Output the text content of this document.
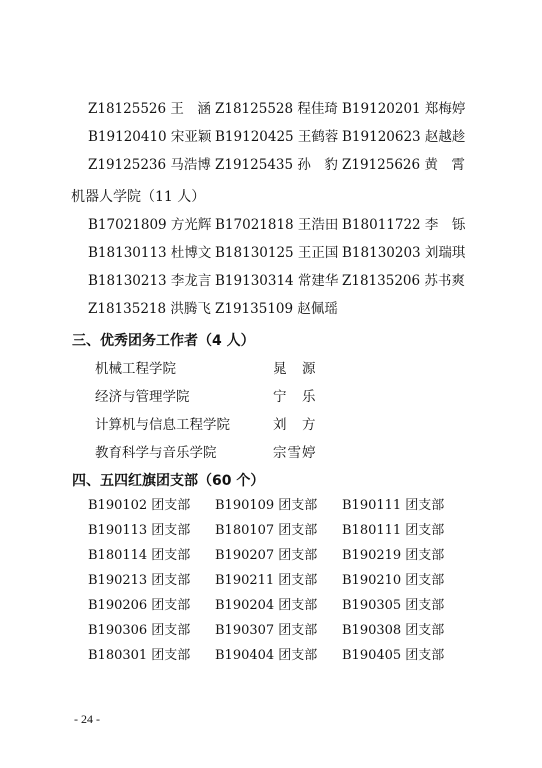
Z18125526 王　涵 Z18125528 程佳琦 B19120201 郑梅婷
B19120410 宋亚颖 B19120425 王鹤蓉 B19120623 赵越趁
Z19125236 马浩博 Z19125435 孙　豹 Z19125626 黄　霄
机器人学院（11 人）
B17021809 方光辉 B17021818 王浩田 B18011722 李　铄
B18130113 杜博文 B18130125 王正国 B18130203 刘瑞琪
B18130213 李龙言 B19130314 常建华 Z18135206 苏书爽
Z18135218 洪腾飞 Z19135109 赵佩瑶
三、优秀团务工作者（4 人）
机械工程学院	晁　源
经济与管理学院	宁　乐
计算机与信息工程学院	刘　方
教育科学与音乐学院	宗雪婷
四、五四红旗团支部（60 个）
B190102 团支部 B190109 团支部 B190111 团支部
B190113 团支部 B180107 团支部 B180111 团支部
B180114 团支部 B190207 团支部 B190219 团支部
B190213 团支部 B190211 团支部 B190210 团支部
B190206 团支部 B190204 团支部 B190305 团支部
B190306 团支部 B190307 团支部 B190308 团支部
B180301 团支部 B190404 团支部 B190405 团支部
- 24 -
